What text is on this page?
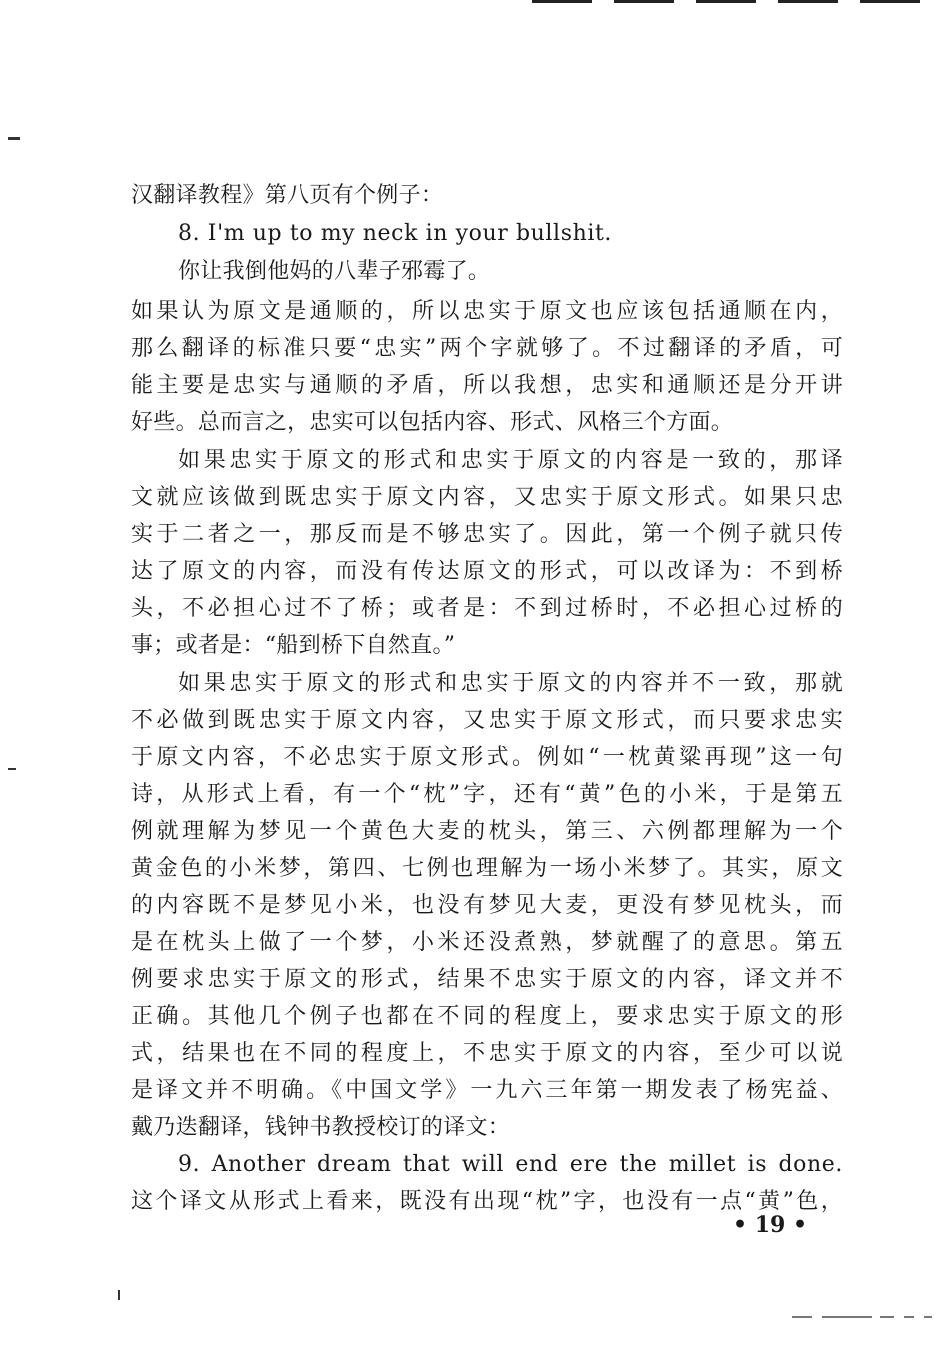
汉翻译教程》第八页有个例子：
8. I'm up to my neck in your bullshit.
你让我倒他妈的八辈子邪霉了。
如果认为原文是通顺的，所以忠实于原文也应该包括通顺在内，
那么翻译的标准只要“忠实”两个字就够了。不过翻译的矛盾，可
能主要是忠实与通顺的矛盾，所以我想，忠实和通顺还是分开讲
好些。总而言之，忠实可以包括内容、形式、风格三个方面。
如果忠实于原文的形式和忠实于原文的内容是一致的，那译
文就应该做到既忠实于原文内容，又忠实于原文形式。如果只忠
实于二者之一，那反而是不够忠实了。因此，第一个例子就只传
达了原文的内容，而没有传达原文的形式，可以改译为：不到桥
头，不必担心过不了桥；或者是：不到过桥时，不必担心过桥的
事；或者是：“船到桥下自然直。”
如果忠实于原文的形式和忠实于原文的内容并不一致，那就
不必做到既忠实于原文内容，又忠实于原文形式，而只要求忠实
于原文内容，不必忠实于原文形式。例如“一枕黄粱再现”这一句
诗，从形式上看，有一个“枕”字，还有“黄”色的小米，于是第五
例就理解为梦见一个黄色大麦的枕头，第三、六例都理解为一个
黄金色的小米梦，第四、七例也理解为一场小米梦了。其实，原文
的内容既不是梦见小米，也没有梦见大麦，更没有梦见枕头，而
是在枕头上做了一个梦，小米还没煮熟，梦就醒了的意思。第五
例要求忠实于原文的形式，结果不忠实于原文的内容，译文并不
正确。其他几个例子也都在不同的程度上，要求忠实于原文的形
式，结果也在不同的程度上，不忠实于原文的内容，至少可以说
是译文并不明确。《中国文学》一九六三年第一期发表了杨宪益、
戴乃迭翻译，钱钟书教授校订的译文：
9. Another dream that will end ere the millet is done.
这个译文从形式上看来，既没有出现“枕”字，也没有一点“黄”色，
• 19 •
